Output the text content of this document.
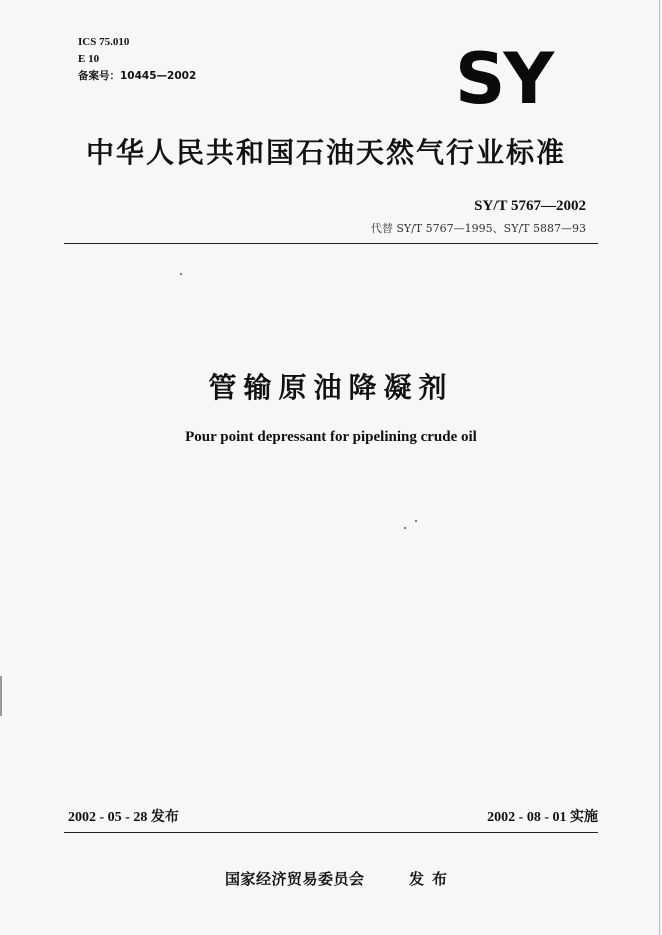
ICS 75.010
E 10
备案号：10445—2002	SY
中华人民共和国石油天然气行业标准
SY/T 5767—2002
代替 SY/T 5767—1995、SY/T 5887—93
管输原油降凝剂
Pour point depressant for pipelining crude oil
2002 - 05 - 28 发布	2002 - 08 - 01 实施
国家经济贸易委员会	发布
